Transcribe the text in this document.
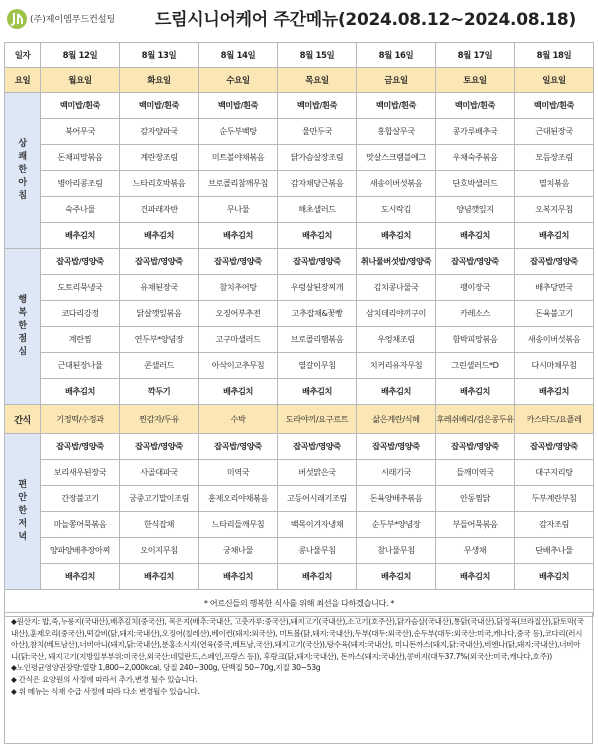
(주)제이엠푸드컨설팅 드림시니어케어 주간메뉴(2024.08.12~2024.08.18)
일자	8월 12일	8월 13일	8월 14일	8월 15일	8월 16일	8월 17일	8월 18일
요일	월요일	화요일	수요일	목요일	금요일	토요일	일요일
상
쾌
한
아
침	백미밥/흰죽	백미밥/흰죽	백미밥/흰죽	백미밥/흰죽	백미밥/흰죽	백미밥/흰죽	백미밥/흰죽
	북어무국	감자양파국	순두부백탕	물만두국	홍합살무국	콩가루배추국	근대된장국
	돈채피망볶음	계란장조림	미트볼야채볶음	닭가슴살장조림	맛살스크램블에그	우채숙주볶음	모듬장조림
	병아리콩조림	느타리호박볶음	브로콜리참깨무침	감자채당근볶음	새송이버섯볶음	단호박샐러드	멸치볶음
	숙주나물	건파래자반	무나물	해초샐러드	도시락김	양념깻잎지	오복지무침
	배추김치	배추김치	배추김치	배추김치	배추김치	배추김치	배추김치
행
복
한
점
심	잡곡밥/영양죽	잡곡밥/영양죽	잡곡밥/영양죽	잡곡밥/영양죽	취나물버섯밥/영양죽	잡곡밥/영양죽	잡곡밥/영양죽
	도토리묵냉국	유채된장국	참치추어탕	우렁살된장찌개	김치콩나물국	팽이장국	배추당면국
	코다리강정	닭살깻잎볶음	오징어부추전	고추잡채&꽃빵	삼치데리야끼구이	카레소스	돈육불고기
	계란찜	연두부*양념장	고구마샐러드	브로콜리햄볶음	우엉채조림	함박피망볶음	새송이버섯볶음
	근대된장나물	콘샐러드	아삭이고추무침	열갈이무침	치커리유자무침	그린샐러드*D	다시마채무침
	배추김치	깍두기	배추김치	배추김치	배추김치	배추김치	배추김치
간식	기정떡/수정과	찐감자/두유	수박	도라야끼/요구르트	삶은계란/식혜	후레쉬베리/검은콩두유	카스타드/요플레
편
안
한
저
녁	잡곡밥/영양죽	잡곡밥/영양죽	잡곡밥/영양죽	잡곡밥/영양죽	잡곡밥/영양죽	잡곡밥/영양죽	잡곡밥/영양죽
	보리새우된장국	사골대파국	미역국	버섯맑은국	시래기국	들깨미역국	대구지리탕
	간장불고기	궁중고기말이조림	훈제오리야채볶음	고등어시래기조림	돈육양배추볶음	안동찜닭	두부계란부침
	마늘쫑어묵볶음	한식잡채	느타리들깨무침	백목이겨자냉채	순두부*양념장	부들어묵볶음	감자조림
	양파양배추장아찌	오이지무침	궁채나물	콩나물무침	참나물무침	무생채	단배추나물
	배추김치	배추김치	배추김치	배추김치	배추김치	배추김치	배추김치
* 어르신들의 행복한 식사를 위해 최선을 다하겠습니다. *							

◆원산지: 밥,죽,누룽지(국내산),배추김치(중국산), 목은지(배추:국내산, 고춧가루:중국산),돼지고기(국내산),소고기(호주산),닭가슴살(국내산),통닭(국내산),닭정육(브라질산),닭토막(국내산),훈제오리(중국산),떡갈비(닭,돼지:국내산),오징어(칠레산),베이컨(돼지:외국산), 미트볼(닭,돼지:국내산),두부(대두:외국산),순두부(대두:외국산:미국,캐나다,중국 등),코다리(러시아산),참치(베트남산),너비아니(돼지,닭:국내산),분홍소시지(연육(중국,베트남,국산),돼지고기(국산)),탕수육(돼지:국내산), 미니돈까스(돼지,닭:국내산),비엔나(닭,돼지:국내산),너비아니(닭:국산, 돼지고기(지방일부부위:미국산,외국산:네덜란드,스페인,프랑스 등)), 후랑크(닭,돼지:국내산), 돈까스(돼지:국내산),콩비지(대두37.7%(외국산:미국,캐나다,호주))

◆노인평균영양권장량:열량 1,800~2,000kcal, 당질 240~300g, 단백질 50~70g,지질 30~53g

◆ 간식은 요양원의 사정에 따라서 추가,변경 될수 있습니다.

◆ 위 메뉴는 식재 수급 사정에 따라 다소 변경될수 있습니다.
